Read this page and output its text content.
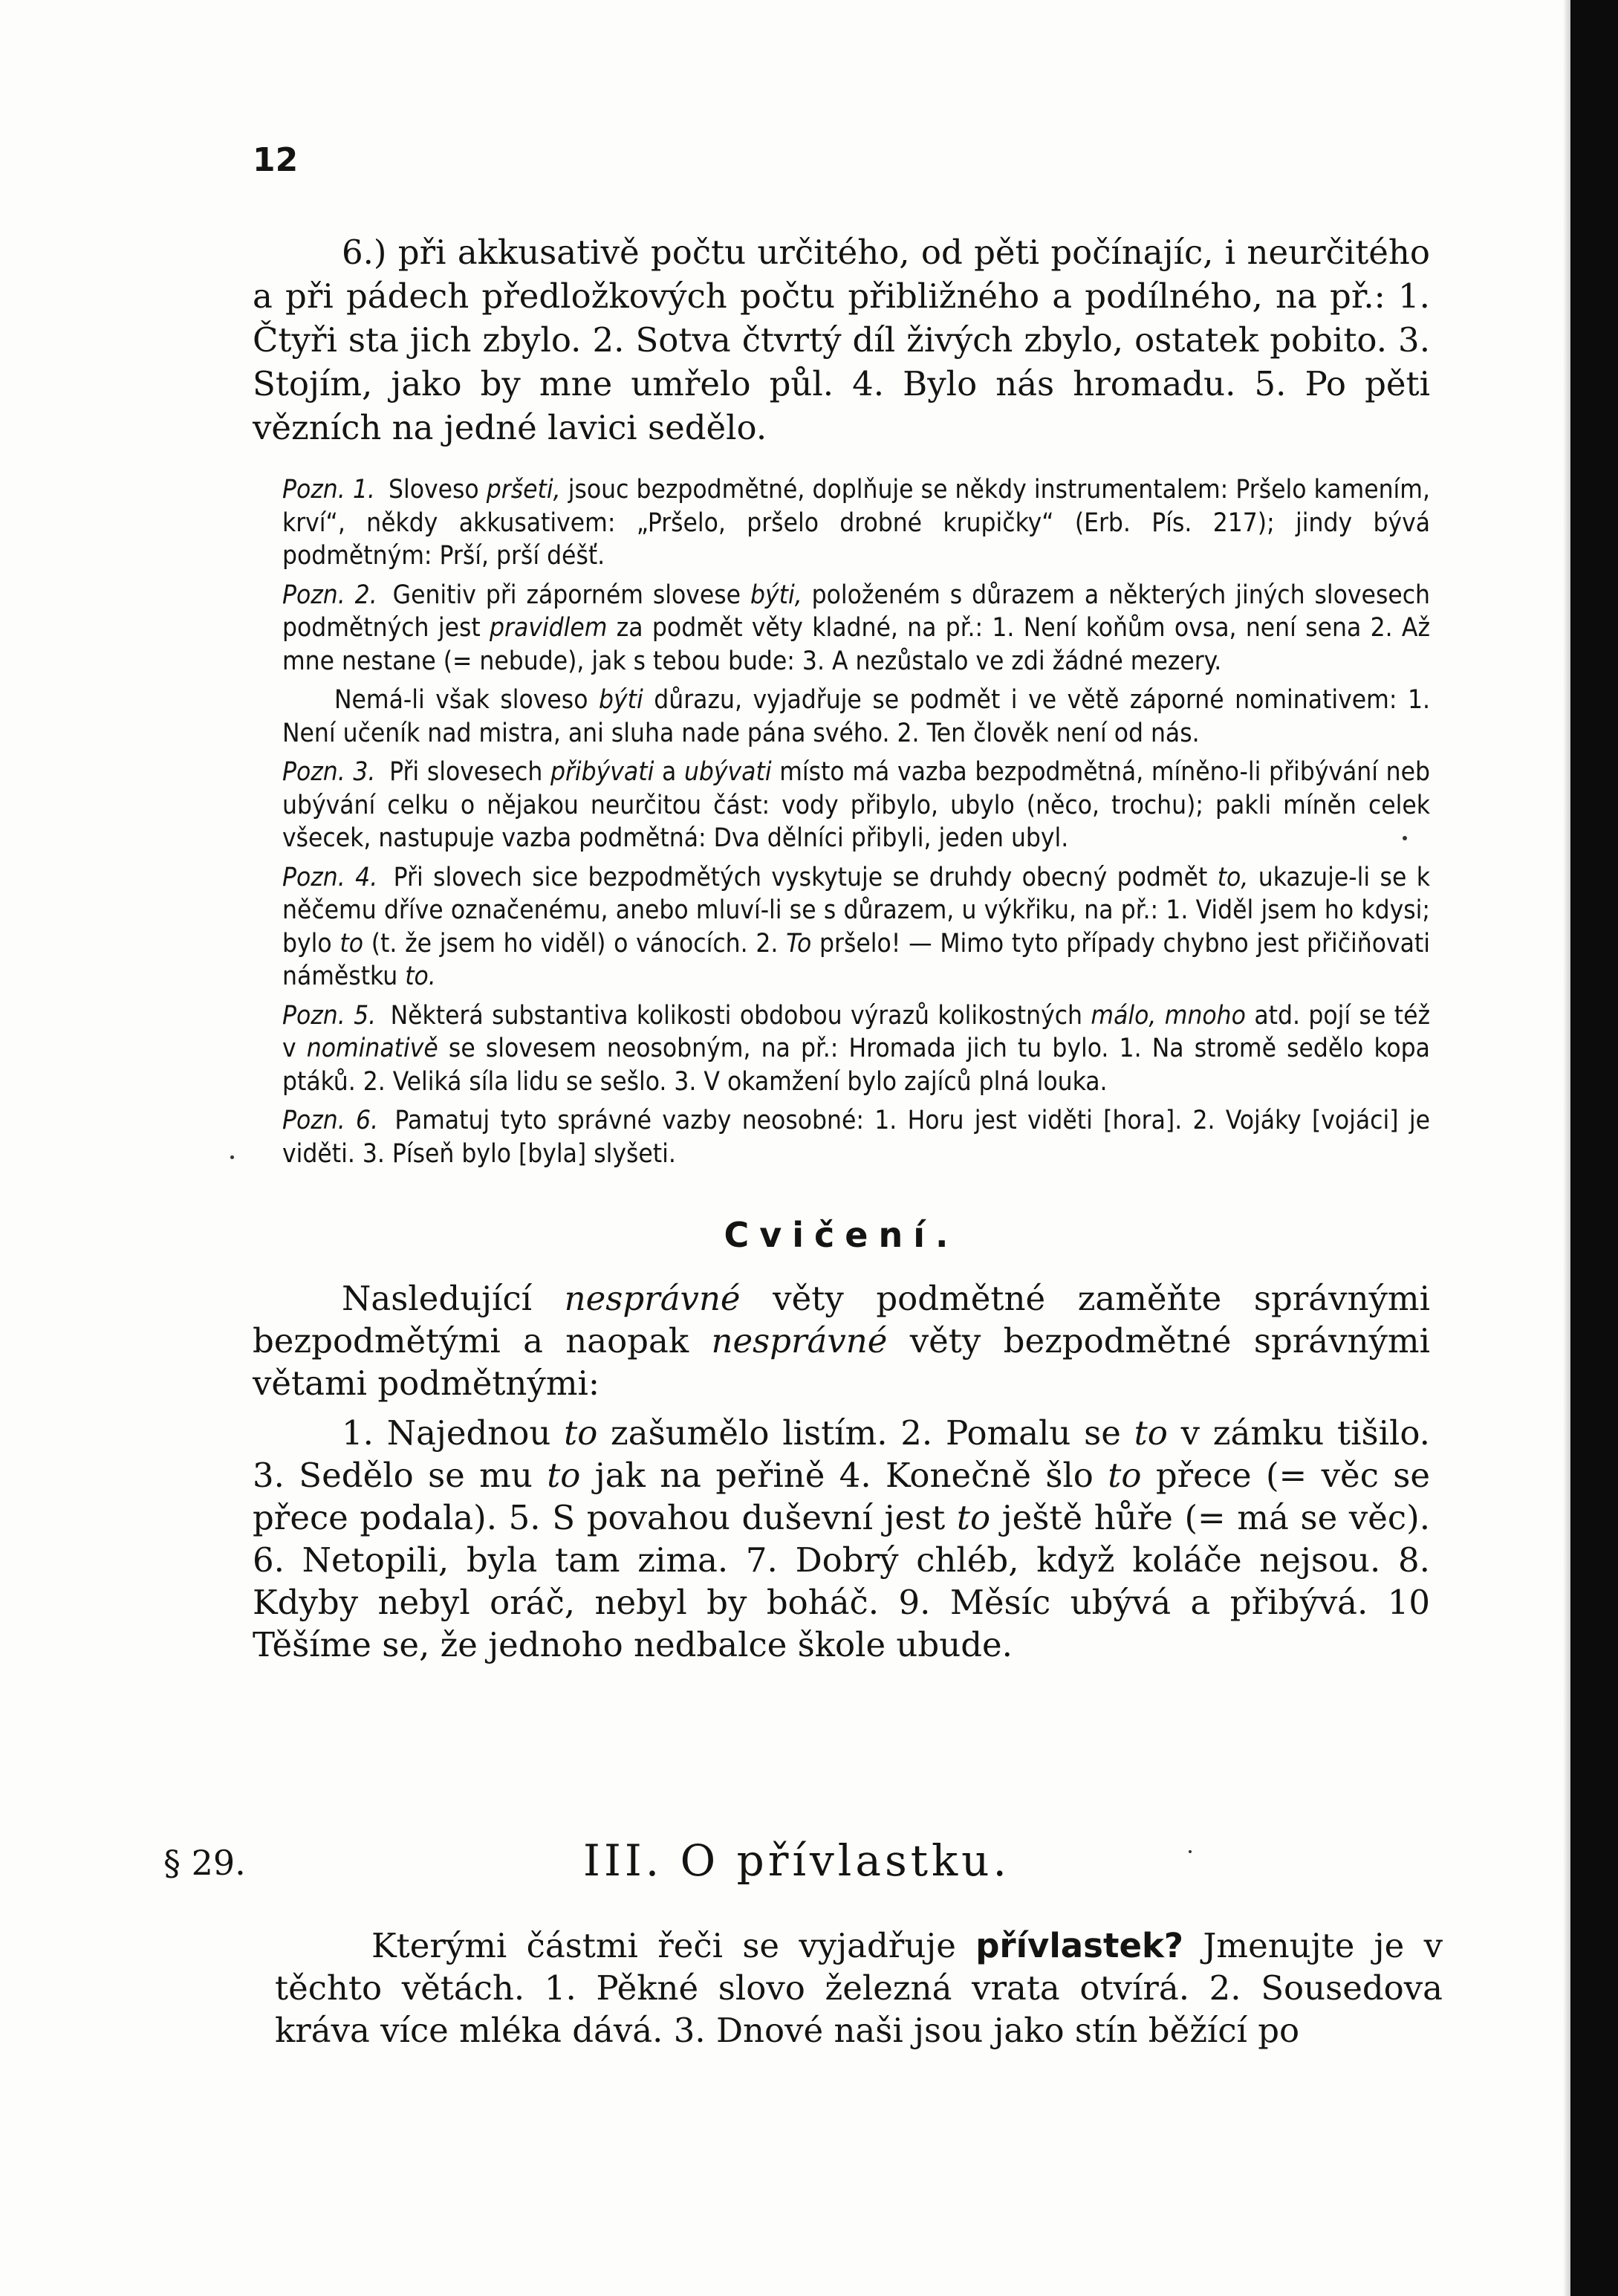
12

6.) při akkusativě počtu určitého, od pěti počínajíc, i neurčitého a při pádech předložkových počtu přibližného a podílného, na př.: 1. Čtyři sta jich zbylo. 2. Sotva čtvrtý díl živých zbylo, ostatek pobito. 3. Stojím, jako by mne umřelo půl. 4. Bylo nás hromadu. 5. Po pěti vězních na jedné lavici sedělo.

Pozn. 1. Sloveso pršeti, jsouc bezpodmětné, doplňuje se někdy instrumentalem: Pršelo kamením, krví“, někdy akkusativem: „Pršelo, pršelo drobné krupičky“ (Erb. Pís. 217); jindy bývá podmětným: Prší, prší déšť.

Pozn. 2. Genitiv při záporném slovese býti, položeném s důrazem a některých jiných slovesech podmětných jest pravidlem za podmět věty kladné, na př.: 1. Není koňům ovsa, není sena 2. Až mne nestane (= nebude), jak s tebou bude: 3. A nezůstalo ve zdi žádné mezery.

Nemá-li však sloveso býti důrazu, vyjadřuje se podmět i ve větě záporné nominativem: 1. Není učeník nad mistra, ani sluha nade pána svého. 2. Ten člověk není od nás.

Pozn. 3. Při slovesech přibývati a ubývati místo má vazba bezpodmětná, míněno-li přibývání neb ubývání celku o nějakou neurčitou část: vody přibylo, ubylo (něco, trochu); pakli míněn celek všecek, nastupuje vazba podmětná: Dva dělníci přibyli, jeden ubyl.

Pozn. 4. Při slovech sice bezpodmětých vyskytuje se druhdy obecný podmět to, ukazuje-li se k něčemu dříve označenému, anebo mluví-li se s důrazem, u výkřiku, na př.: 1. Viděl jsem ho kdysi; bylo to (t. že jsem ho viděl) o vánocích. 2. To pršelo! — Mimo tyto případy chybno jest přičiňovati náměstku to.

Pozn. 5. Některá substantiva kolikosti obdobou výrazů kolikostných málo, mnoho atd. pojí se též v nominativě se slovesem neosobným, na př.: Hromada jich tu bylo. 1. Na stromě sedělo kopa ptáků. 2. Veliká síla lidu se sešlo. 3. V okamžení bylo zajíců plná louka.

Pozn. 6. Pamatuj tyto správné vazby neosobné: 1. Horu jest viděti [hora]. 2. Vojáky [vojáci] je viděti. 3. Píseň bylo [byla] slyšeti.

Cvičení.

Nasledující nesprávné věty podmětné zaměňte správnými bezpodmětými a naopak nesprávné věty bezpodmětné správnými větami podmětnými:

1. Najednou to zašumělo listím. 2. Pomalu se to v zámku tišilo. 3. Sedělo se mu to jak na peřině 4. Konečně šlo to přece (= věc se přece podala). 5. S povahou duševní jest to ještě hůře (= má se věc). 6. Netopili, byla tam zima. 7. Dobrý chléb, když koláče nejsou. 8. Kdyby nebyl oráč, nebyl by boháč. 9. Měsíc ubývá a přibývá. 10 Těšíme se, že jednoho nedbalce škole ubude.

§ 29.	III. O přívlastku.

Kterými částmi řeči se vyjadřuje přívlastek? Jmenujte je v těchto větách. 1. Pěkné slovo železná vrata otvírá. 2. Sousedova kráva více mléka dává. 3. Dnové naši jsou jako stín běžící po
